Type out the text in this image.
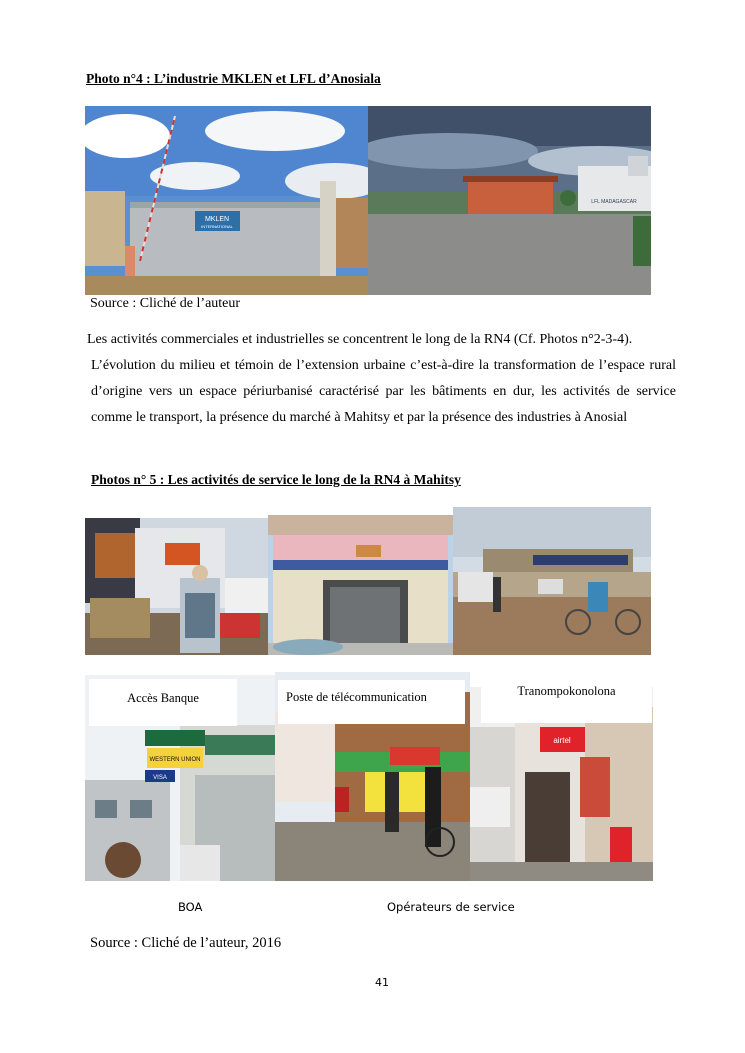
Photo n°4 : L’industrie MKLEN et LFL d’Anosiala
MKLEN
INTERNATIONAL
LFL MADAGASCAR
Source : Cliché de l’auteur
Les activités commerciales et industrielles se concentrent le long de la RN4 (Cf. Photos n°2-3-4).
L’évolution du milieu et témoin de l’extension urbaine c’est-à-dire la transformation de l’espace rural d’origine vers un espace périurbanisé caractérisé par les bâtiments en dur, les activités de service comme le transport, la présence du marché à Mahitsy et par la présence des industries à Anosial
Photos n° 5 : Les activités de service le long de la RN4 à Mahitsy
WESTERN UNION
VISA
airtel
Accès Banque	Poste de télécommunication	Tranompokonolona
BOA	Opérateurs de service
Source : Cliché de l’auteur, 2016
41
